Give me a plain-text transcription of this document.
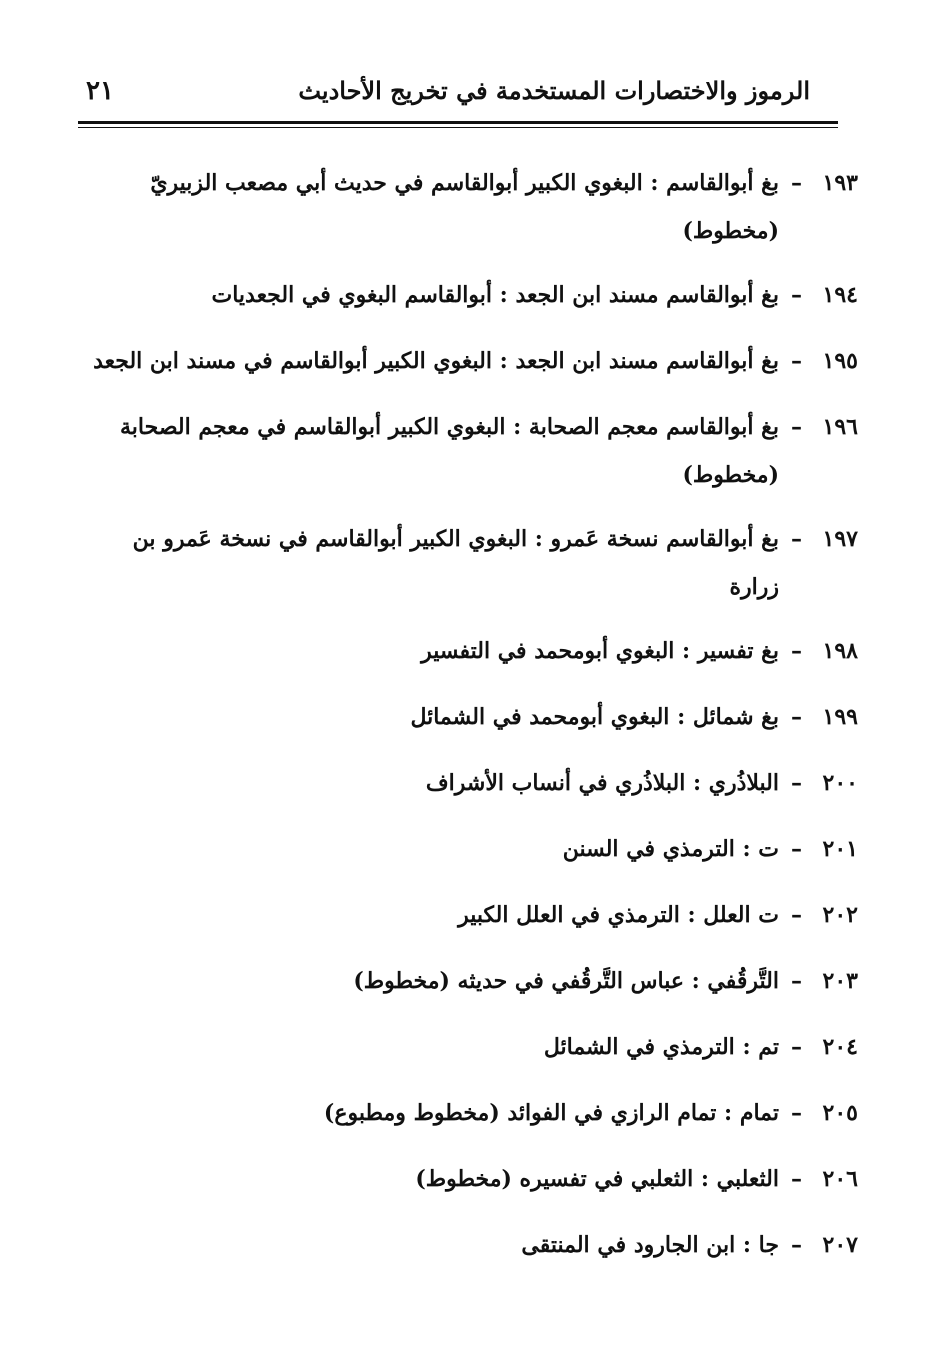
الرموز والاختصارات المستخدمة في تخريج الأحاديث
٢١
١٩٣
–
بغ أبوالقاسم : البغوي الكبير أبوالقاسم في حديث أبي مصعب الزبيريّ
(مخطوط)
١٩٤
–
بغ أبوالقاسم مسند ابن الجعد : أبوالقاسم البغوي في الجعديات
١٩٥
–
بغ أبوالقاسم مسند ابن الجعد : البغوي الكبير أبوالقاسم في مسند ابن الجعد
١٩٦
–
بغ أبوالقاسم معجم الصحابة : البغوي الكبير أبوالقاسم في معجم الصحابة
(مخطوط)
١٩٧
–
بغ أبوالقاسم نسخة عَمرو : البغوي الكبير أبوالقاسم في نسخة عَمرو بن
زرارة
١٩٨
–
بغ تفسير : البغوي أبومحمد في التفسير
١٩٩
–
بغ شمائل : البغوي أبومحمد في الشمائل
٢٠٠
–
البلاذُري : البلاذُري في أنساب الأشراف
٢٠١
–
ت : الترمذي في السنن
٢٠٢
–
ت العلل : الترمذي في العلل الكبير
٢٠٣
–
التَّرقُفي : عباس التَّرقُفي في حديثه (مخطوط)
٢٠٤
–
تم : الترمذي في الشمائل
٢٠٥
–
تمام : تمام الرازي في الفوائد (مخطوط ومطبوع)
٢٠٦
–
الثعلبي : الثعلبي في تفسيره (مخطوط)
٢٠٧
–
جا : ابن الجارود في المنتقى
